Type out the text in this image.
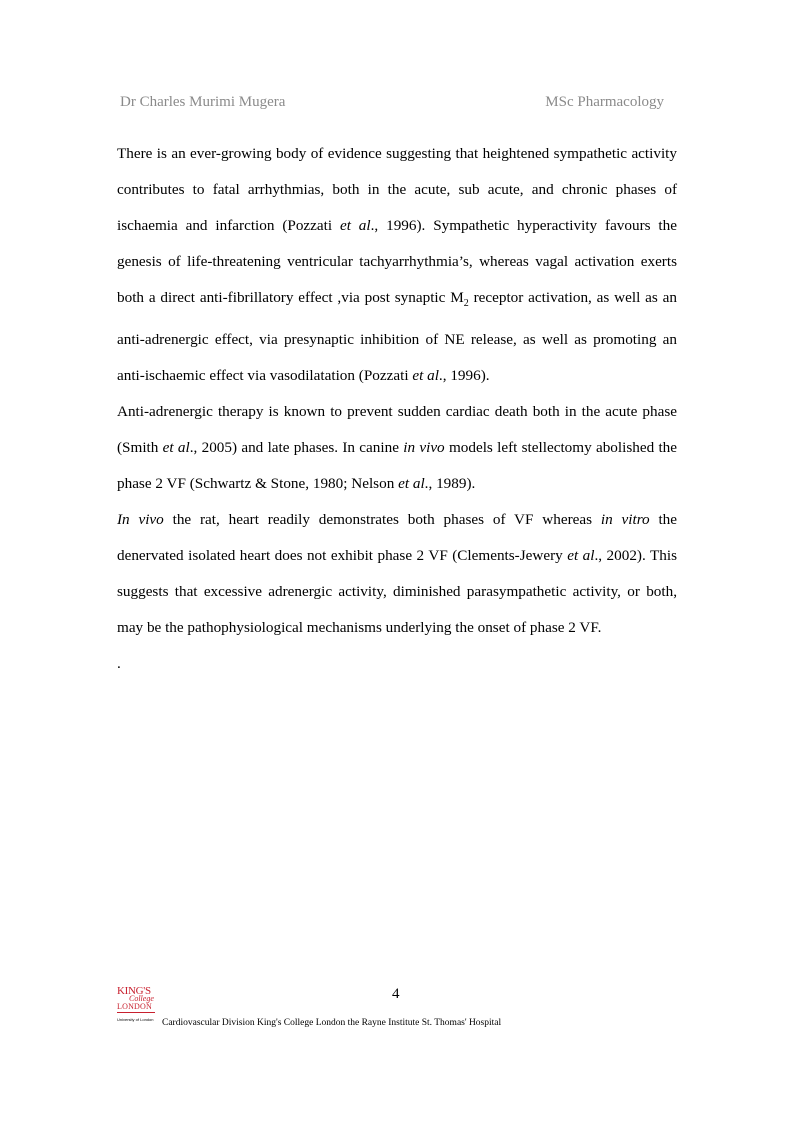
Dr Charles Murimi Mugera	MSc Pharmacology

There is an ever-growing body of evidence suggesting that heightened sympathetic activity contributes to fatal arrhythmias, both in the acute, sub acute, and chronic phases of ischaemia and infarction (Pozzati et al., 1996). Sympathetic hyperactivity favours the genesis of life-threatening ventricular tachyarrhythmia’s, whereas vagal activation exerts both a direct anti-fibrillatory effect ,via post synaptic $M_2$ receptor activation, as well as an anti-adrenergic effect, via presynaptic inhibition of NE release, as well as promoting an anti-ischaemic effect via vasodilatation (Pozzati et al., 1996).

Anti-adrenergic therapy is known to prevent sudden cardiac death both in the acute phase (Smith et al., 2005) and late phases. In canine in vivo models left stellectomy abolished the phase 2 VF (Schwartz & Stone, 1980; Nelson et al., 1989).

In vivo the rat, heart readily demonstrates both phases of VF whereas in vitro the denervated isolated heart does not exhibit phase 2 VF (Clements-Jewery et al., 2002). This suggests that excessive adrenergic activity, diminished parasympathetic activity, or both, may be the pathophysiological mechanisms underlying the onset of phase 2 VF.

.

4
KING'S
College
LONDON
University of London Cardiovascular Division King's College London the Rayne Institute St. Thomas' Hospital
